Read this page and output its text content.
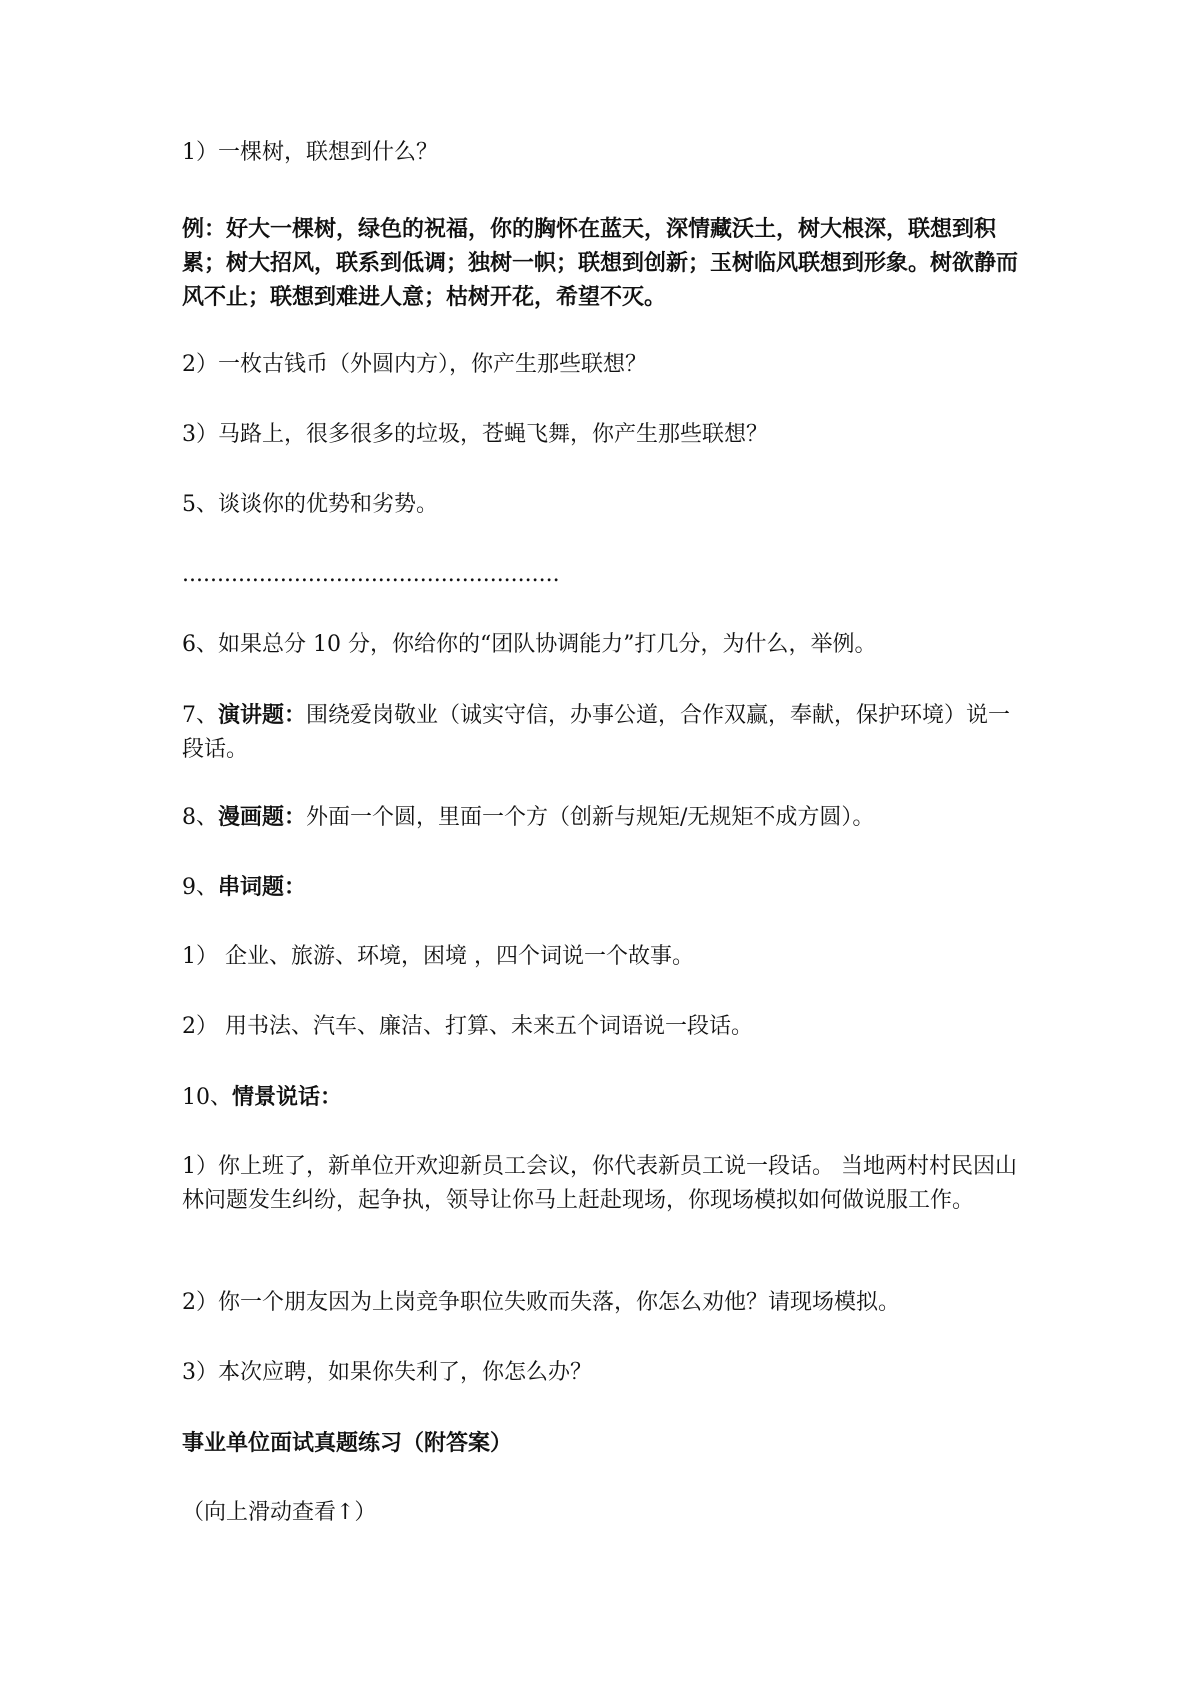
1）一棵树，联想到什么？

例：好大一棵树，绿色的祝福，你的胸怀在蓝天，深情藏沃土，树大根深，联想到积累；树大招风，联系到低调；独树一帜；联想到创新；玉树临风联想到形象。树欲静而风不止；联想到难进人意；枯树开花，希望不灭。

2）一枚古钱币（外圆内方），你产生那些联想？

3）马路上，很多很多的垃圾，苍蝇飞舞，你产生那些联想？

5、谈谈你的优势和劣势。

......................................................

6、如果总分 10 分，你给你的“团队协调能力”打几分，为什么，举例。

7、演讲题：围绕爱岗敬业（诚实守信，办事公道，合作双赢，奉献，保护环境）说一段话。

8、漫画题：外面一个圆，里面一个方（创新与规矩/无规矩不成方圆）。

9、串词题：

1） 企业、旅游、环境，困境 ，四个词说一个故事。

2） 用书法、汽车、廉洁、打算、未来五个词语说一段话。

10、情景说话：

1）你上班了，新单位开欢迎新员工会议，你代表新员工说一段话。 当地两村村民因山林问题发生纠纷，起争执，领导让你马上赶赴现场，你现场模拟如何做说服工作。

2）你一个朋友因为上岗竞争职位失败而失落，你怎么劝他？请现场模拟。

3）本次应聘，如果你失利了，你怎么办？

事业单位面试真题练习（附答案）

（向上滑动查看↑）
